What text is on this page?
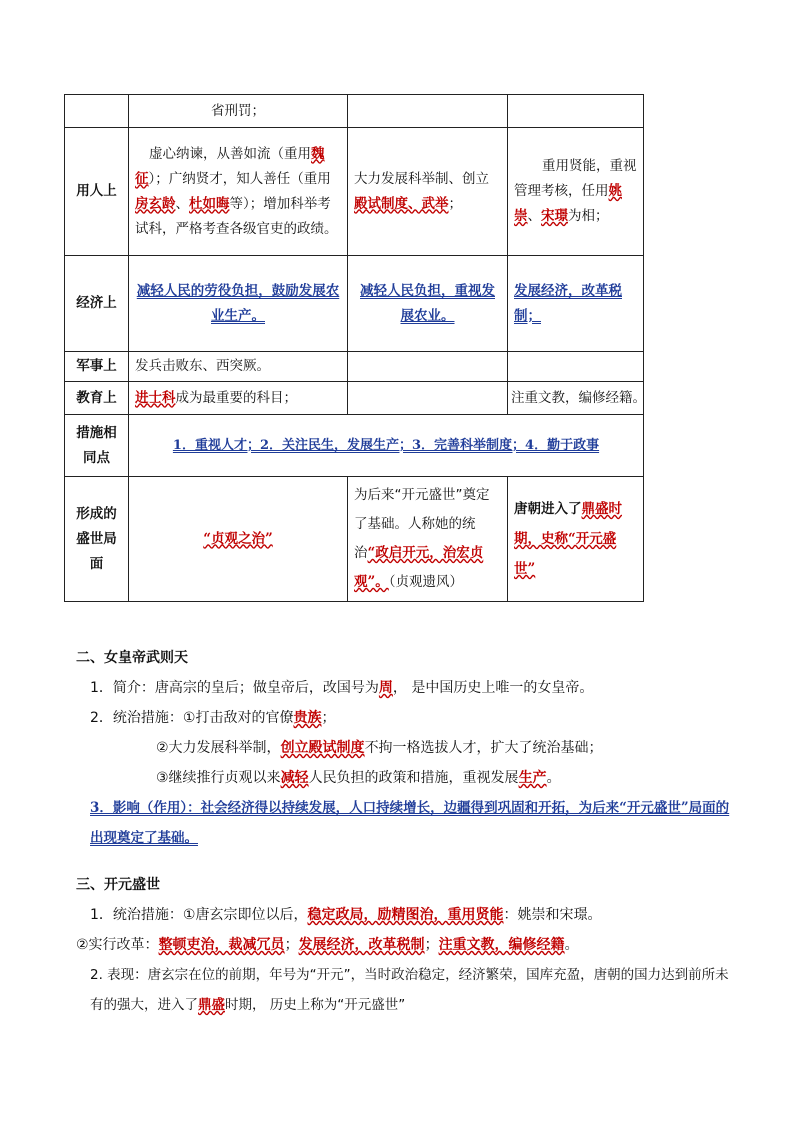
	省刑罚；		
用人上	虚心纳谏，从善如流（重用魏征）；广纳贤才，知人善任（重用房玄龄、杜如晦等）；增加科举考试科，严格考查各级官吏的政绩。	大力发展科举制、创立殿试制度、武举；	重用贤能，重视管理考核，任用姚崇、宋璟为相；
经济上	减轻人民的劳役负担，鼓励发展农业生产。	减轻人民负担，重视发展农业。	发展经济，改革税制；
军事上	发兵击败东、西突厥。		
教育上	进士科成为最重要的科目；		注重文教，编修经籍。
措施相同点	1．重视人才；2．关注民生，发展生产；3．完善科举制度；4．勤于政事		
形成的盛世局面	“贞观之治”	为后来“开元盛世”奠定了基础。人称她的统治“政启开元，治宏贞观”。（贞观遗风）	唐朝进入了鼎盛时期，史称“开元盛世”
二、女皇帝武则天
1．简介：唐高宗的皇后；做皇帝后，改国号为周， 是中国历史上唯一的女皇帝。
2．统治措施：①打击敌对的官僚贵族；
②大力发展科举制，创立殿试制度不拘一格选拔人才，扩大了统治基础；
③继续推行贞观以来减轻人民负担的政策和措施，重视发展生产。
3．影响（作用）：社会经济得以持续发展，人口持续增长，边疆得到巩固和开拓，为后来“开元盛世”局面的出现奠定了基础。
三、开元盛世
1．统治措施：①唐玄宗即位以后，稳定政局，励精图治，重用贤能：姚崇和宋璟。
②实行改革：整顿吏治，裁减冗员；发展经济，改革税制；注重文教，编修经籍。
2. 表现：唐玄宗在位的前期，年号为“开元”，当时政治稳定，经济繁荣，国库充盈，唐朝的国力达到前所未有的强大，进入了鼎盛时期， 历史上称为“开元盛世”
